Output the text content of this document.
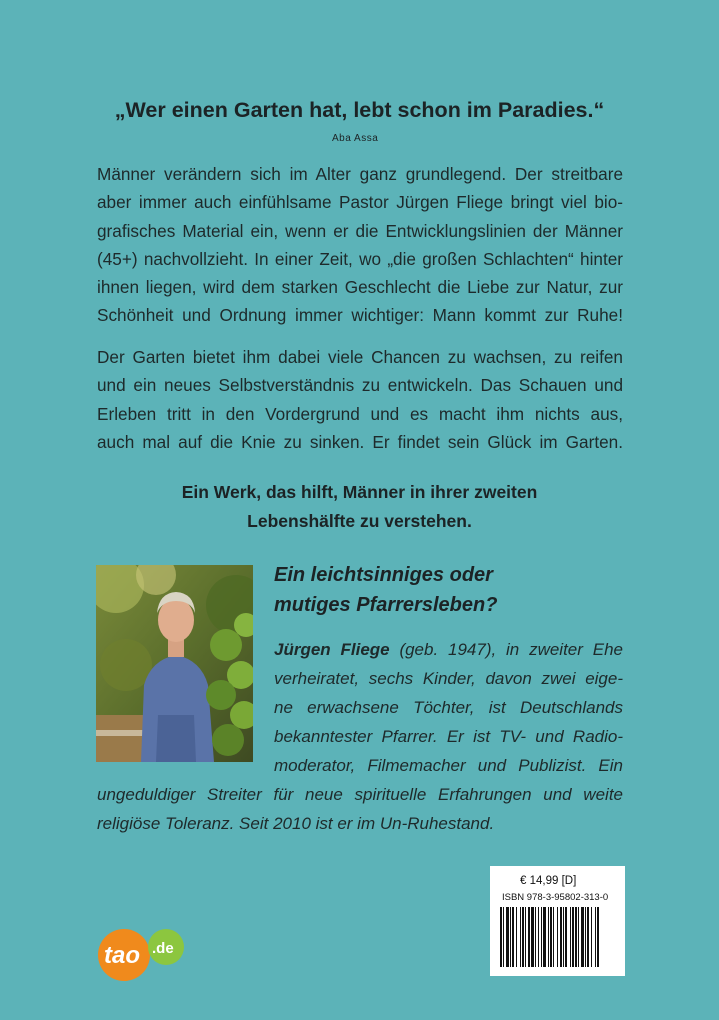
„Wer einen Garten hat, lebt schon im Paradies.“
Aba Assa
Männer verändern sich im Alter ganz grundlegend. Der streitbare
aber immer auch einfühlsame Pastor Jürgen Fliege bringt viel bio-
grafisches Material ein, wenn er die Entwicklungslinien der Männer
(45+) nachvollzieht. In einer Zeit, wo „die großen Schlachten“ hinter
ihnen liegen, wird dem starken Geschlecht die Liebe zur Natur, zur
Schönheit und Ordnung immer wichtiger: Mann kommt zur Ruhe!
Der Garten bietet ihm dabei viele Chancen zu wachsen, zu reifen
und ein neues Selbstverständnis zu entwickeln. Das Schauen und
Erleben tritt in den Vordergrund und es macht ihm nichts aus,
auch mal auf die Knie zu sinken. Er findet sein Glück im Garten.
Ein Werk, das hilft, Männer in ihrer zweiten
Lebenshälfte zu verstehen.
Ein leichtsinniges oder
mutiges Pfarrersleben?
Jürgen Fliege (geb. 1947), in zweiter Ehe
verheiratet, sechs Kinder, davon zwei eige-
ne erwachsene Töchter, ist Deutschlands
bekanntester Pfarrer. Er ist TV- und Radio-
moderator, Filmemacher und Publizist. Ein
ungeduldiger Streiter für neue spirituelle Erfahrungen und weite
religiöse Toleranz. Seit 2010 ist er im Un-Ruhestand.
€ 14,99 [D]
ISBN 978-3-95802-313-0
tao .de
